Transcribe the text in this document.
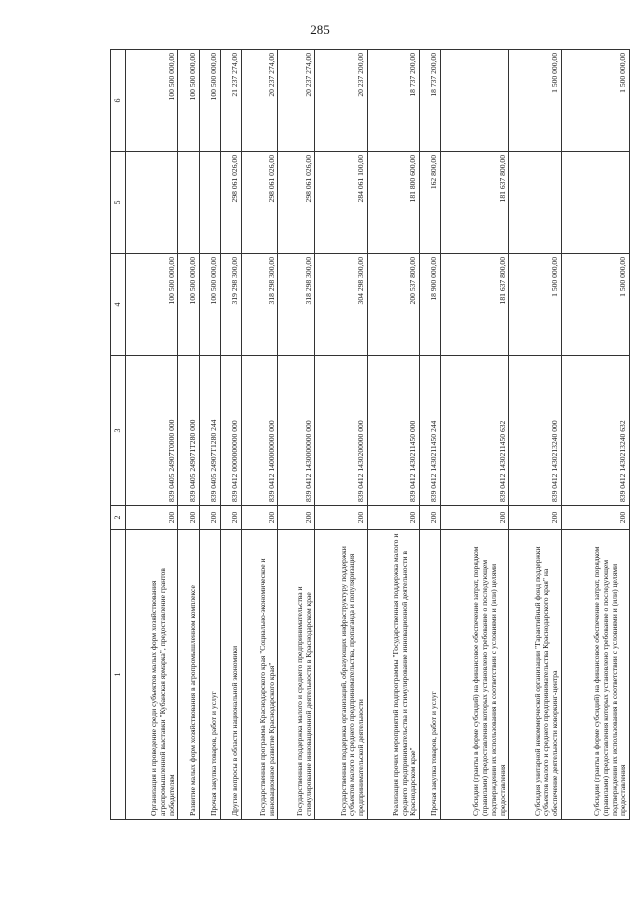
285
1	2	3	4	5	6
Организация и проведение среди субъектов малых форм хозяйствования агропромышленной выставки "Кубанская ярмарка", предоставление грантов победителям	200	839 0405 24907Т0000 000	100 500 000,00		100 500 000,00
Развитие малых форм хозяйствования в агропромышленном комплексе	200	839 0405 249071Т280 000	100 500 000,00		100 500 000,00
Прочая закупка товаров, работ и услуг	200	839 0405 24907Т1280 244	100 500 000,00		100 500 000,00
Другие вопросы в области национальной экономики	200	839 0412 0000000000 000	319 298 300,00	298 061 026,00	21 237 274,00
Государственная программа Краснодарского края "Социально-экономическое и инновационное развитие Краснодарского края"	200	839 0412 1400000000 000	318 298 300,00	298 061 026,00	20 237 274,00
Государственная поддержка малого и среднего предпринимательства и стимулирование инновационной деятельности в Краснодарском крае	200	839 0412 1430000000 000	318 298 300,00	298 061 026,00	20 237 274,00
Государственная поддержка организаций, образующих инфраструктуру поддержки субъектов малого и среднего предпринимательства, пропаганда и популяризация предпринимательской деятельности	200	839 0412 1430200000 000	304 298 300,00	284 061 100,00	20 237 200,00
Реализация прочих мероприятий подпрограммы "Государственная поддержка малого и среднего предпринимательства и стимулирование инновационной деятельности в Краснодарском крае"	200	839 0412 1430211450 000	200 537 800,00	181 800 600,00	18 737 200,00
Прочая закупка товаров, работ и услуг	200	839 0412 1430211450 244	18 900 000,00	162 800,00	18 737 200,00
Субсидии (гранты в форме субсидий) на финансовое обеспечение затрат, порядком (правилами) предоставления которых установлено требование о последующем подтверждении их использования в соответствии с условиями и (или) целями предоставления	200	839 0412 1430211450 632	181 637 800,00	181 637 800,00	
Субсидия унитарной некоммерческой организации "Гарантийный фонд поддержки субъектов малого и среднего предпринимательства Краснодарского края" на обеспечение деятельности коворкинг-центра	200	839 0412 1430213240 000	1 500 000,00		1 500 000,00
Субсидии (гранты в форме субсидий) на финансовое обеспечение затрат, порядком (правилами) предоставления которых установлено требование о последующем подтверждении их использования в соответствии с условиями и (или) целями предоставления	200	839 0412 1430213240 632	1 500 000,00		1 500 000,00
